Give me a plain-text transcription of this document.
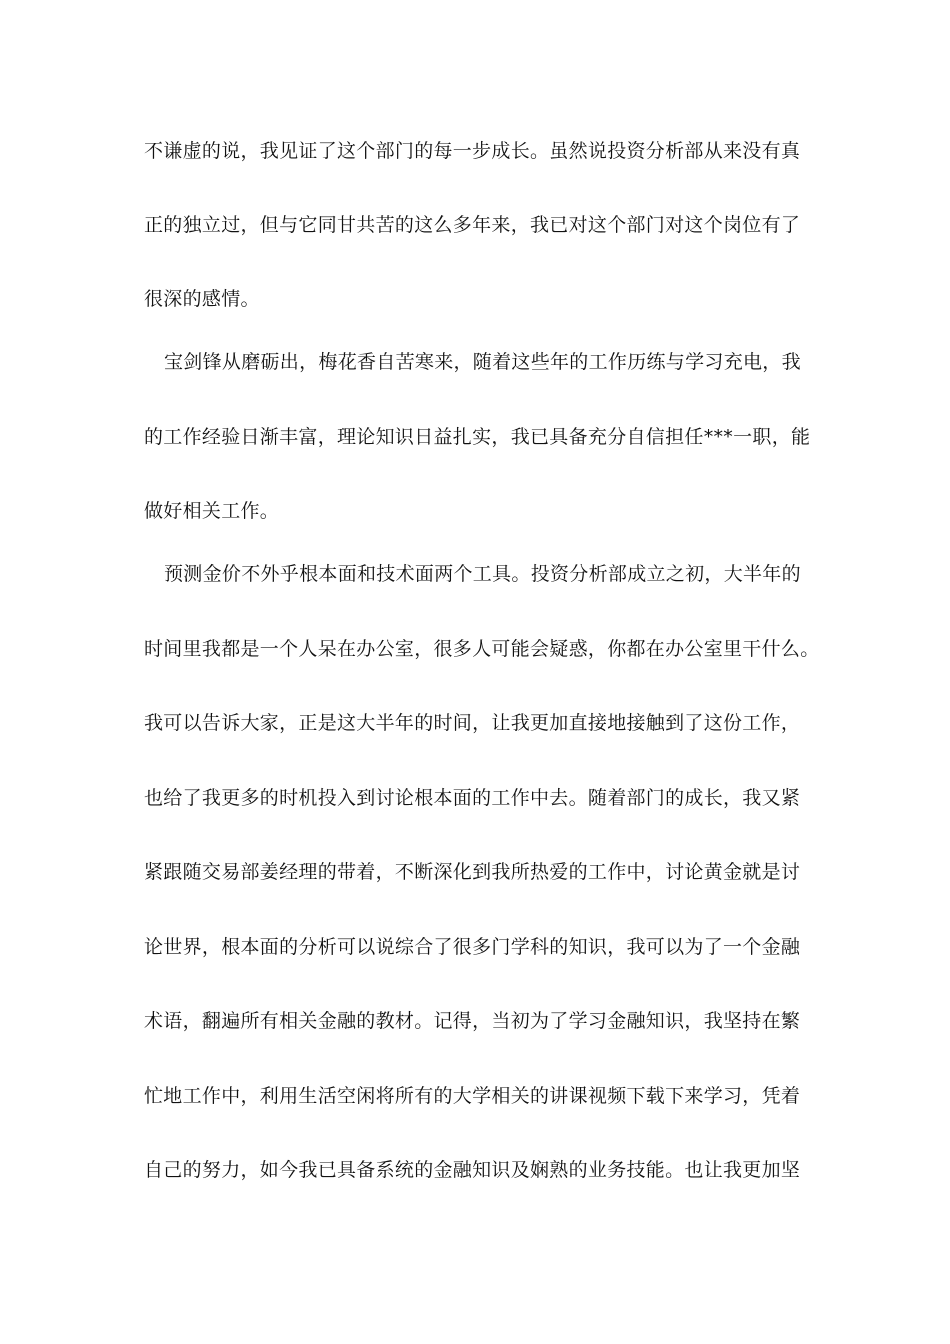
不谦虚的说，我见证了这个部门的每一步成长。虽然说投资分析部从来没有真
正的独立过，但与它同甘共苦的这么多年来，我已对这个部门对这个岗位有了
很深的感情。
宝剑锋从磨砺出，梅花香自苦寒来，随着这些年的工作历练与学习充电，我
的工作经验日渐丰富，理论知识日益扎实，我已具备充分自信担任***一职，能
做好相关工作。
预测金价不外乎根本面和技术面两个工具。投资分析部成立之初，大半年的
时间里我都是一个人呆在办公室，很多人可能会疑惑，你都在办公室里干什么。
我可以告诉大家，正是这大半年的时间，让我更加直接地接触到了这份工作，
也给了我更多的时机投入到讨论根本面的工作中去。随着部门的成长，我又紧
紧跟随交易部姜经理的带着，不断深化到我所热爱的工作中，讨论黄金就是讨
论世界，根本面的分析可以说综合了很多门学科的知识，我可以为了一个金融
术语，翻遍所有相关金融的教材。记得，当初为了学习金融知识，我坚持在繁
忙地工作中，利用生活空闲将所有的大学相关的讲课视频下载下来学习，凭着
自己的努力，如今我已具备系统的金融知识及娴熟的业务技能。也让我更加坚
